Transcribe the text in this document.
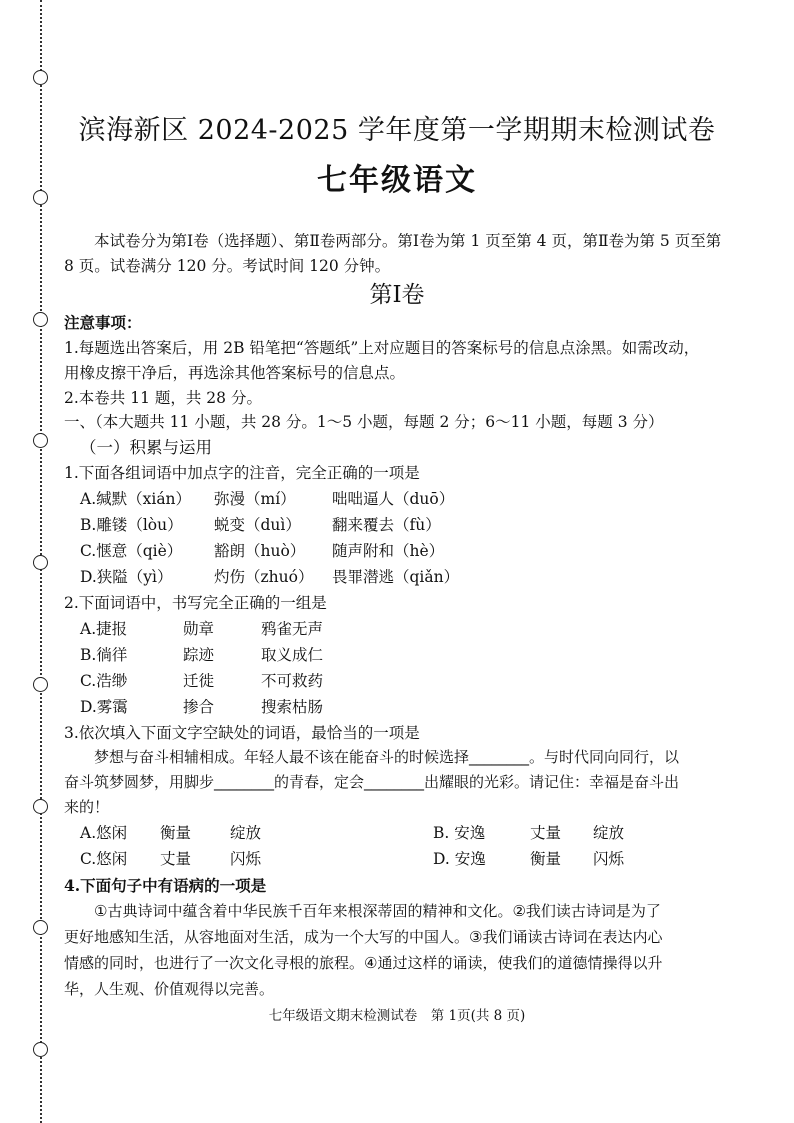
滨海新区 2024-2025 学年度第一学期期末检测试卷
七年级语文
本试卷分为第Ⅰ卷（选择题）、第Ⅱ卷两部分。第Ⅰ卷为第 1 页至第 4 页，第Ⅱ卷为第 5 页至第
8 页。试卷满分 120 分。考试时间 120 分钟。
第Ⅰ卷
注意事项：
1.每题选出答案后，用 2B 铅笔把“答题纸”上对应题目的答案标号的信息点涂黑。如需改动，
用橡皮擦干净后，再选涂其他答案标号的信息点。
2.本卷共 11 题，共 28 分。
一、（本大题共 11 小题，共 28 分。1～5 小题，每题 2 分；6～11 小题，每题 3 分）
（一）积累与运用
1.下面各组词语中加点字的注音，完全正确的一项是
A.缄默（xián） 弥漫（mí） 咄咄逼人（duō）
B.雕镂（lòu） 蜕变（duì） 翻来覆去（fù）
C.惬意（qiè） 豁朗（huò） 随声附和（hè）
D.狭隘（yì）	灼伤（zhuó） 畏罪潜逃（qiǎn）
2.下面词语中，书写完全正确的一组是
A.捷报	勋章	鸦雀无声
B.徜徉	踪迹	取义成仁
C.浩缈	迁徙	不可救药
D.雾霭	掺合	搜索枯肠
3.依次填入下面文字空缺处的词语，最恰当的一项是
梦想与奋斗相辅相成。年轻人最不该在能奋斗的时候选择________。与时代同向同行，以
奋斗筑梦圆梦，用脚步________的青春，定会________出耀眼的光彩。请记住：幸福是奋斗出
来的！
A.悠闲 衡量	绽放	B. 安逸	丈量 绽放
C.悠闲 丈量	闪烁	D. 安逸	衡量 闪烁
4.下面句子中有语病的一项是
①古典诗词中蕴含着中华民族千百年来根深蒂固的精神和文化。②我们读古诗词是为了
更好地感知生活，从容地面对生活，成为一个大写的中国人。③我们诵读古诗词在表达内心
情感的同时，也进行了一次文化寻根的旅程。④通过这样的诵读，使我们的道德情操得以升
华，人生观、价值观得以完善。
七年级语文期末检测试卷　第 1页(共 8 页)
